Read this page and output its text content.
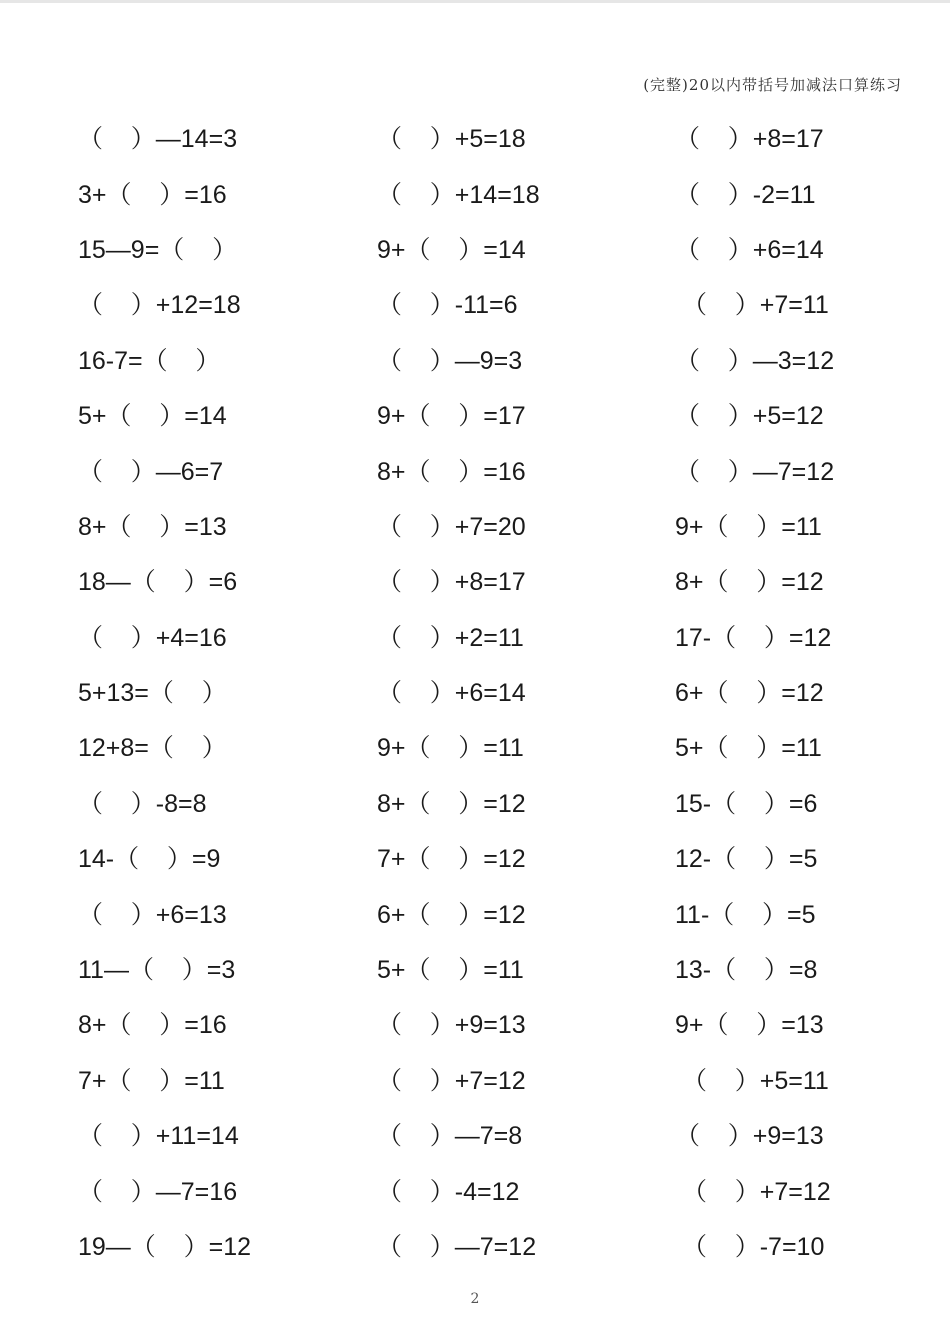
(完整)20以内带括号加减法口算练习
（    ）—14=3	（    ）+5=18	（    ）+8=17
3+（    ）=16	（    ）+14=18	（    ）-2=11
15—9=（    ）	9+（    ）=14	（    ）+6=14
（    ）+12=18	（    ）-11=6	（    ）+7=11
16-7=（    ）	（    ）—9=3	（    ）—3=12
5+（    ）=14	9+（    ）=17	（    ）+5=12
（    ）—6=7	8+（    ）=16	（    ）—7=12
8+（    ）=13	（    ）+7=20	9+（    ）=11
18—（    ）=6	（    ）+8=17	8+（    ）=12
（    ）+4=16	（    ）+2=11	17-（    ）=12
5+13=（    ）	（    ）+6=14	6+（    ）=12
12+8=（    ）	9+（    ）=11	5+（    ）=11
（    ）-8=8	8+（    ）=12	15-（    ）=6
14-（    ）=9	7+（    ）=12	12-（    ）=5
（    ）+6=13	6+（    ）=12	11-（    ）=5
11—（    ）=3	5+（    ）=11	13-（    ）=8
8+（    ）=16	（    ）+9=13	9+（    ）=13
7+（    ）=11	（    ）+7=12	（    ）+5=11
（    ）+11=14	（    ）—7=8	（    ）+9=13
（    ）—7=16	（    ）-4=12	（    ）+7=12
19—（    ）=12	（    ）—7=12	（    ）-7=10
2
